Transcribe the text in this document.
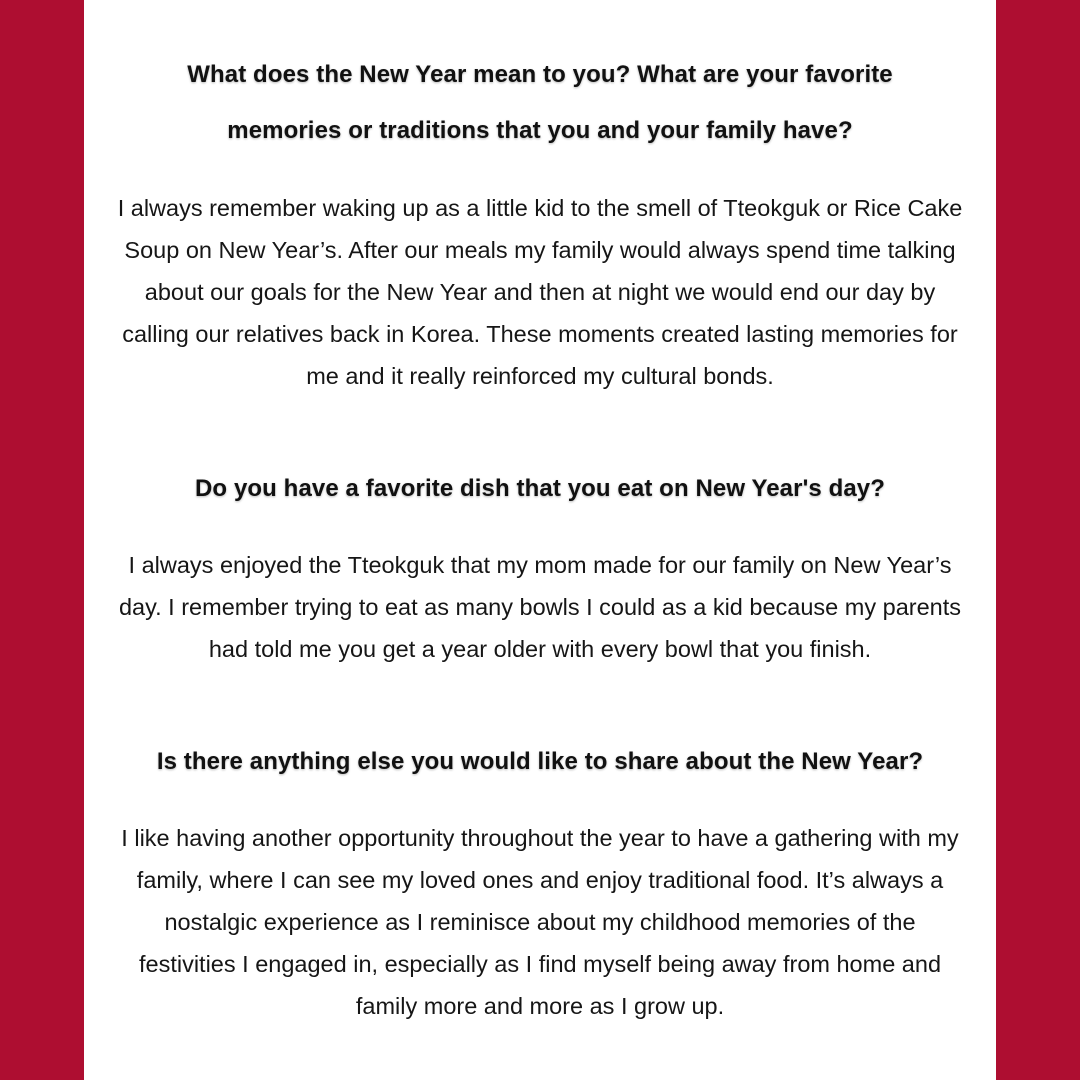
What does the New Year mean to you? What are your favorite memories or traditions that you and your family have?

I always remember waking up as a little kid to the smell of Tteokguk or Rice Cake Soup on New Year’s. After our meals my family would always spend time talking about our goals for the New Year and then at night we would end our day by calling our relatives back in Korea. These moments created lasting memories for me and it really reinforced my cultural bonds.

Do you have a favorite dish that you eat on New Year's day?

I always enjoyed the Tteokguk that my mom made for our family on New Year’s day. I remember trying to eat as many bowls I could as a kid because my parents had told me you get a year older with every bowl that you finish.

Is there anything else you would like to share about the New Year?

I like having another opportunity throughout the year to have a gathering with my family, where I can see my loved ones and enjoy traditional food. It’s always a nostalgic experience as I reminisce about my childhood memories of the festivities I engaged in, especially as I find myself being away from home and family more and more as I grow up.
